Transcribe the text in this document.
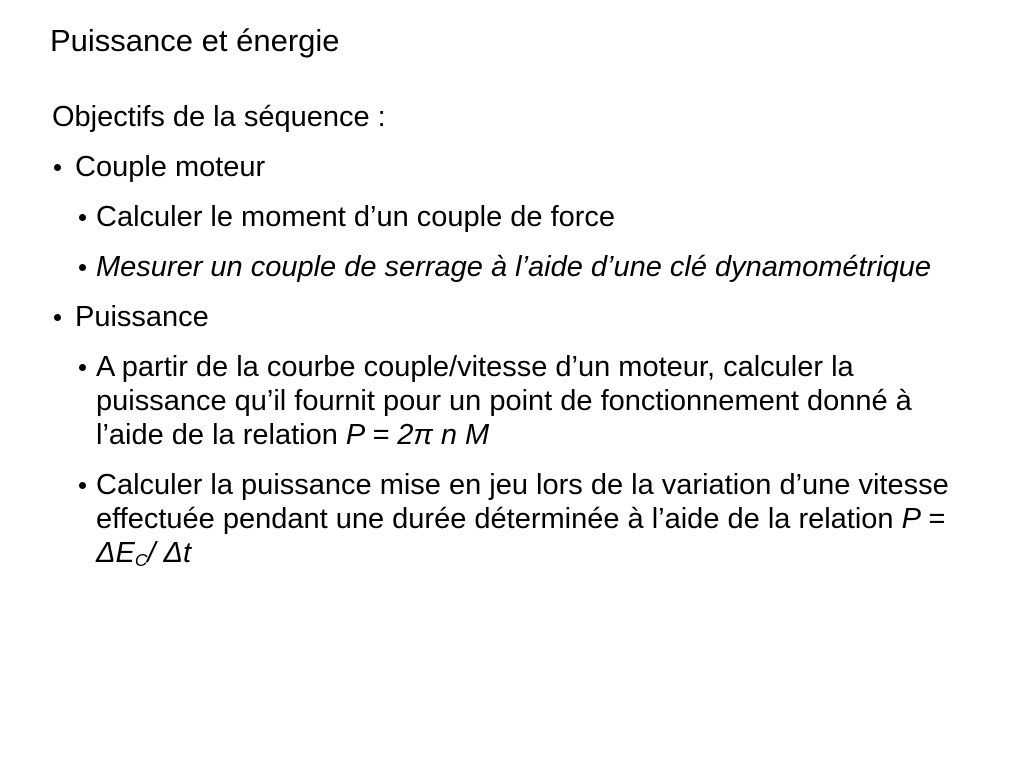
Puissance et énergie

Objectifs de la séquence :

Couple moteur
Calculer le moment d’un couple de force
Mesurer un couple de serrage à l’aide d’une clé dynamométrique
Puissance
A partir de la courbe couple/vitesse d’un moteur, calculer la puissance qu’il fournit pour un point de fonctionnement donné à l’aide de la relation P = 2π n M
Calculer la puissance mise en jeu lors de la variation d’une vitesse effectuée pendant une durée déterminée à l’aide de la relation $P = \Delta E_C/$ Δt
